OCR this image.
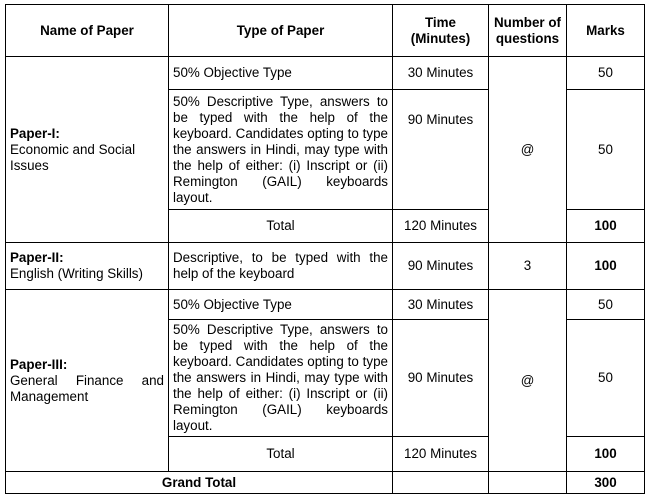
Name of Paper	Type of Paper	Time (Minutes)	Number of questions	Marks

Paper-I:
Economic and Social Issues	50% Objective Type	30 Minutes	@	50
	50% Descriptive Type, answers to be typed with the help of the keyboard. Candidates opting to type the answers in Hindi, may type with the help of either: (i) Inscript or (ii) Remington (GAIL) keyboards layout.	90 Minutes		50
	Total	120 Minutes		100

Paper-II:
English (Writing Skills)	Descriptive, to be typed with the help of the keyboard	90 Minutes	3	100

Paper-III:
General Finance and Management	50% Objective Type	30 Minutes	@	50
	50% Descriptive Type, answers to be typed with the help of the keyboard. Candidates opting to type the answers in Hindi, may type with the help of either: (i) Inscript or (ii) Remington (GAIL) keyboards layout.	90 Minutes		50
	Total	120 Minutes		100
Grand Total				300
